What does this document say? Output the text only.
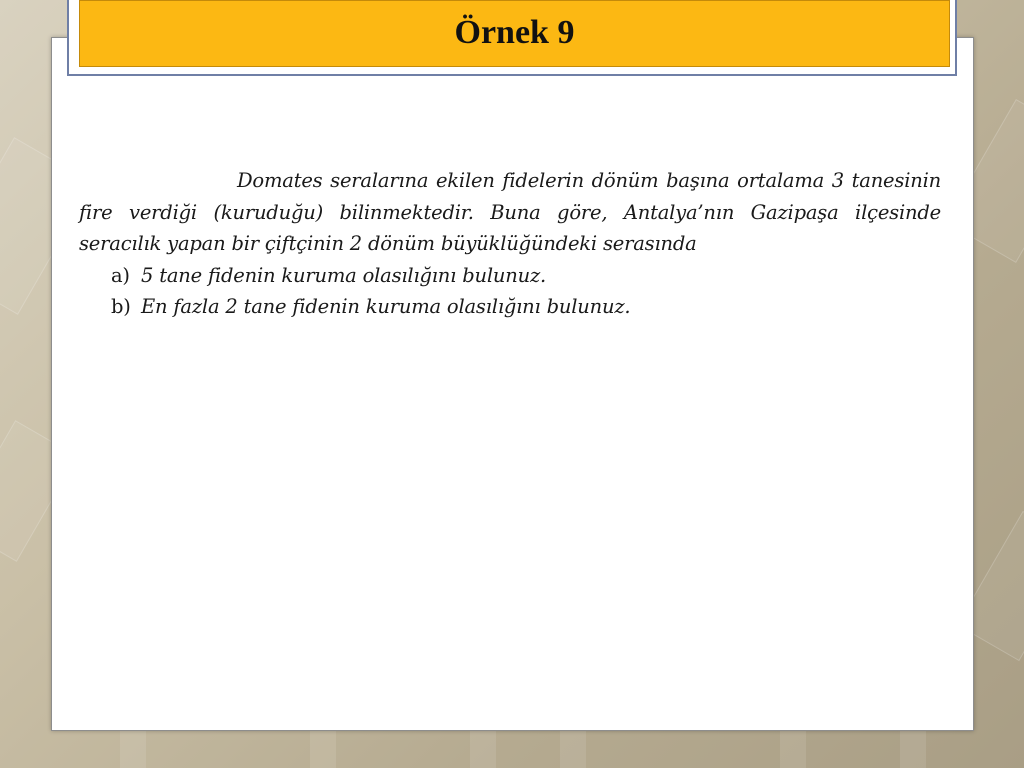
Örnek 9

Domates seralarına ekilen fidelerin dönüm başına ortalama 3 tanesinin fire verdiği (kuruduğu) bilinmektedir. Buna göre, Antalya’nın Gazipaşa ilçesinde seracılık yapan bir çiftçinin 2 dönüm büyüklüğündeki serasında

a) 5 tane fidenin kuruma olasılığını bulunuz.

b) En fazla 2 tane fidenin kuruma olasılığını bulunuz.
